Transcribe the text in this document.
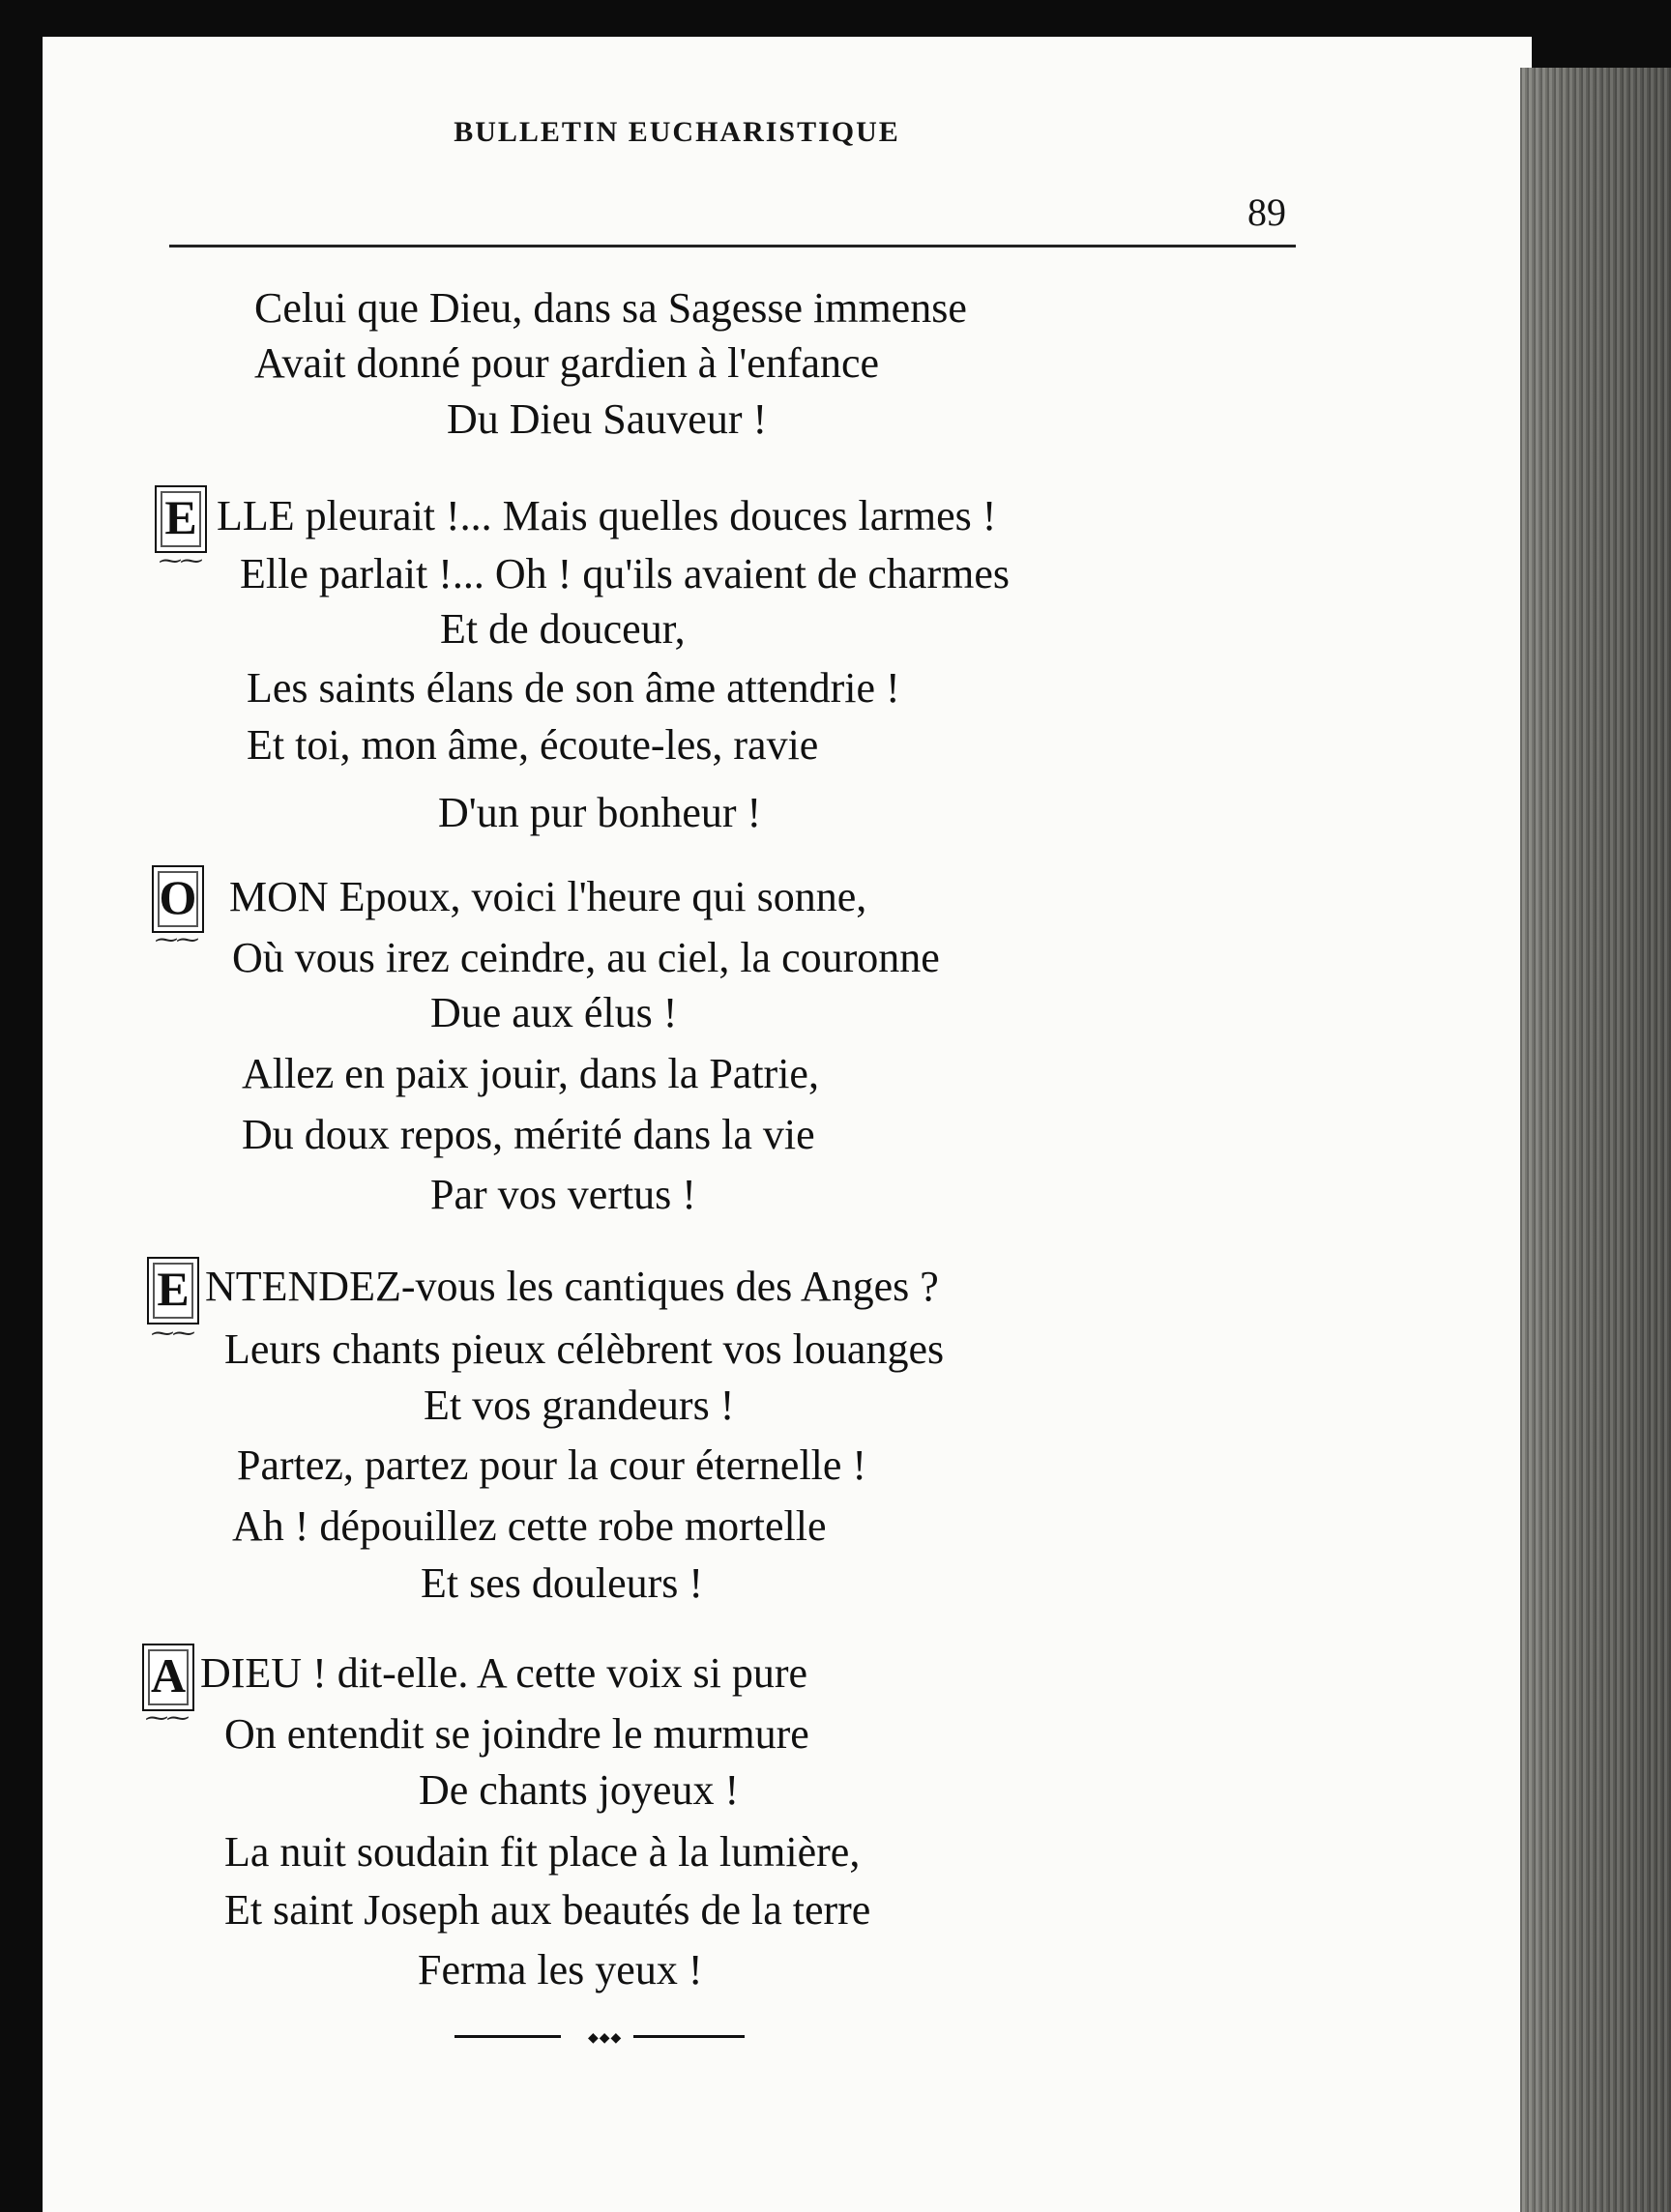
BULLETIN EUCHARISTIQUE
89
Celui que Dieu, dans sa Sagesse immense
Avait donné pour gardien à l'enfance
Du Dieu Sauveur !
E
⁓⁓
LLE pleurait !... Mais quelles douces larmes !
Elle parlait !... Oh ! qu'ils avaient de charmes
Et de douceur,
Les saints élans de son âme attendrie !
Et toi, mon âme, écoute-les, ravie
D'un pur bonheur !
O
⁓⁓
MON Epoux, voici l'heure qui sonne,
Où vous irez ceindre, au ciel, la couronne
Due aux élus !
Allez en paix jouir, dans la Patrie,
Du doux repos, mérité dans la vie
Par vos vertus !
E
⁓⁓
NTENDEZ-vous les cantiques des Anges ?
Leurs chants pieux célèbrent vos louanges
Et vos grandeurs !
Partez, partez pour la cour éternelle !
Ah ! dépouillez cette robe mortelle
Et ses douleurs !
A
⁓⁓
DIEU ! dit-elle. A cette voix si pure
On entendit se joindre le murmure
De chants joyeux !
La nuit soudain fit place à la lumière,
Et saint Joseph aux beautés de la terre
Ferma les yeux !
◆◆◆
